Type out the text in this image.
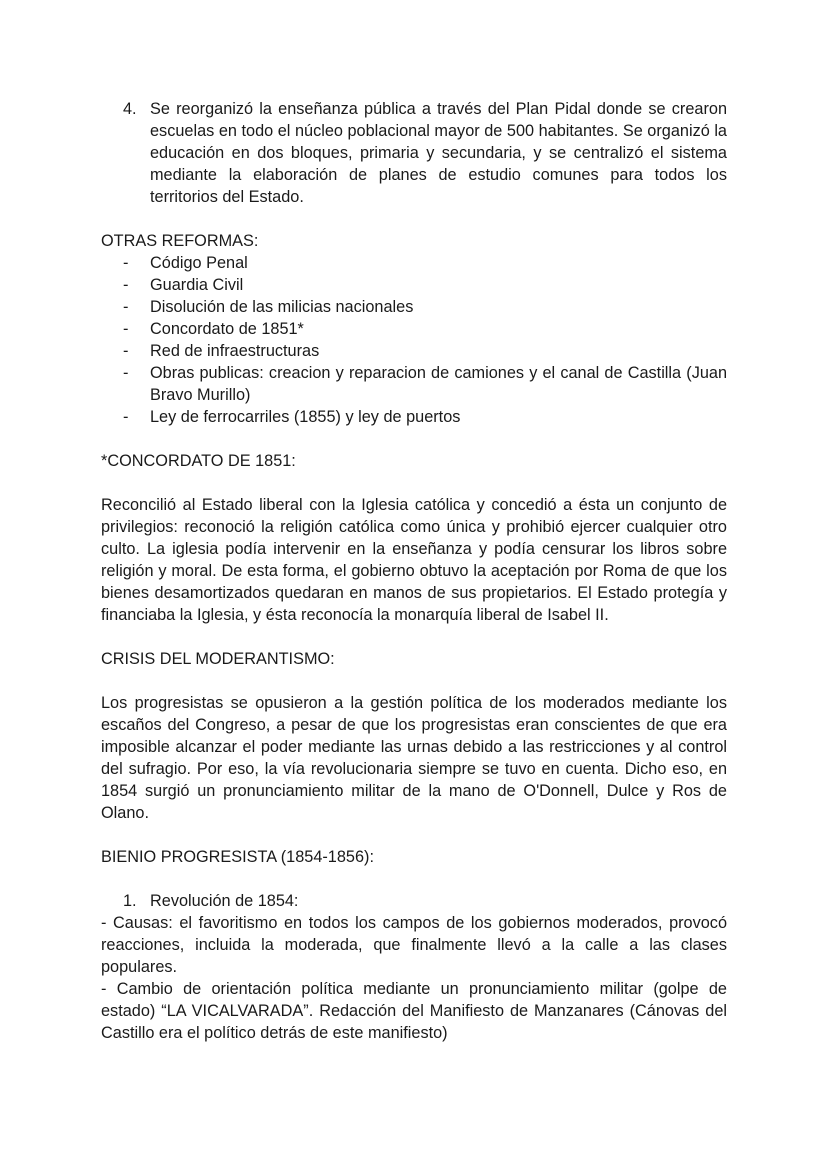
4. Se reorganizó la enseñanza pública a través del Plan Pidal donde se crearon escuelas en todo el núcleo poblacional mayor de 500 habitantes. Se organizó la educación en dos bloques, primaria y secundaria, y se centralizó el sistema mediante la elaboración de planes de estudio comunes para todos los territorios del Estado.
OTRAS REFORMAS:
- Código Penal
- Guardia Civil
- Disolución de las milicias nacionales
- Concordato de 1851*
- Red de infraestructuras
- Obras publicas: creacion y reparacion de camiones y el canal de Castilla (Juan Bravo Murillo)
- Ley de ferrocarriles (1855) y ley de puertos
*CONCORDATO DE 1851:

Reconcilió al Estado liberal con la Iglesia católica y concedió a ésta un conjunto de privilegios: reconoció la religión católica como única y prohibió ejercer cualquier otro culto. La iglesia podía intervenir en la enseñanza y podía censurar los libros sobre religión y moral. De esta forma, el gobierno obtuvo la aceptación por Roma de que los bienes desamortizados quedaran en manos de sus propietarios. El Estado protegía y financiaba la Iglesia, y ésta reconocía la monarquía liberal de Isabel II.

CRISIS DEL MODERANTISMO:

Los progresistas se opusieron a la gestión política de los moderados mediante los escaños del Congreso, a pesar de que los progresistas eran conscientes de que era imposible alcanzar el poder mediante las urnas debido a las restricciones y al control del sufragio. Por eso, la vía revolucionaria siempre se tuvo en cuenta. Dicho eso, en 1854 surgió un pronunciamiento militar de la mano de O'Donnell, Dulce y Ros de Olano.

BIENIO PROGRESISTA (1854-1856):
1. Revolución de 1854:

- Causas: el favoritismo en todos los campos de los gobiernos moderados, provocó reacciones, incluida la moderada, que finalmente llevó a la calle a las clases populares.

- Cambio de orientación política mediante un pronunciamiento militar (golpe de estado) “LA VICALVARADA”. Redacción del Manifiesto de Manzanares (Cánovas del Castillo era el político detrás de este manifiesto)
